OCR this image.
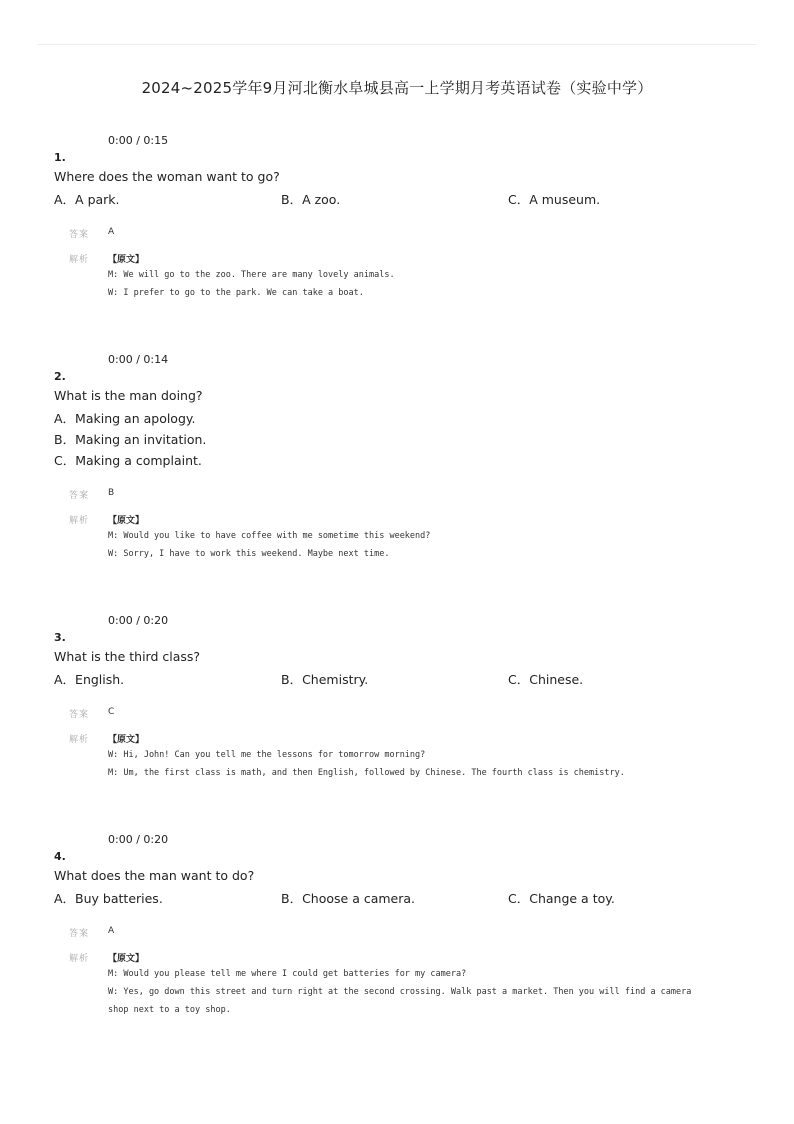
2024~2025学年9月河北衡水阜城县高一上学期月考英语试卷（实验中学）
0:00 / 0:15
1.
Where does the woman want to go?
A．A park.	B．A zoo.	C．A museum.
答案 A
解析 【原文】
M: We will go to the zoo. There are many lovely animals.
W: I prefer to go to the park. We can take a boat.
0:00 / 0:14
2.
What is the man doing?
A．Making an apology.
B．Making an invitation.
C．Making a complaint.
答案 B
解析 【原文】
M: Would you like to have coffee with me sometime this weekend?
W: Sorry, I have to work this weekend. Maybe next time.
0:00 / 0:20
3.
What is the third class?
A．English.	B．Chemistry.	C．Chinese.
答案 C
解析 【原文】
W: Hi, John! Can you tell me the lessons for tomorrow morning?
M: Um, the first class is math, and then English, followed by Chinese. The fourth class is chemistry.
0:00 / 0:20
4.
What does the man want to do?
A．Buy batteries.	B．Choose a camera.	C．Change a toy.
答案 A
解析 【原文】
M: Would you please tell me where I could get batteries for my camera?
W: Yes, go down this street and turn right at the second crossing. Walk past a market. Then you will find a camera
shop next to a toy shop.
